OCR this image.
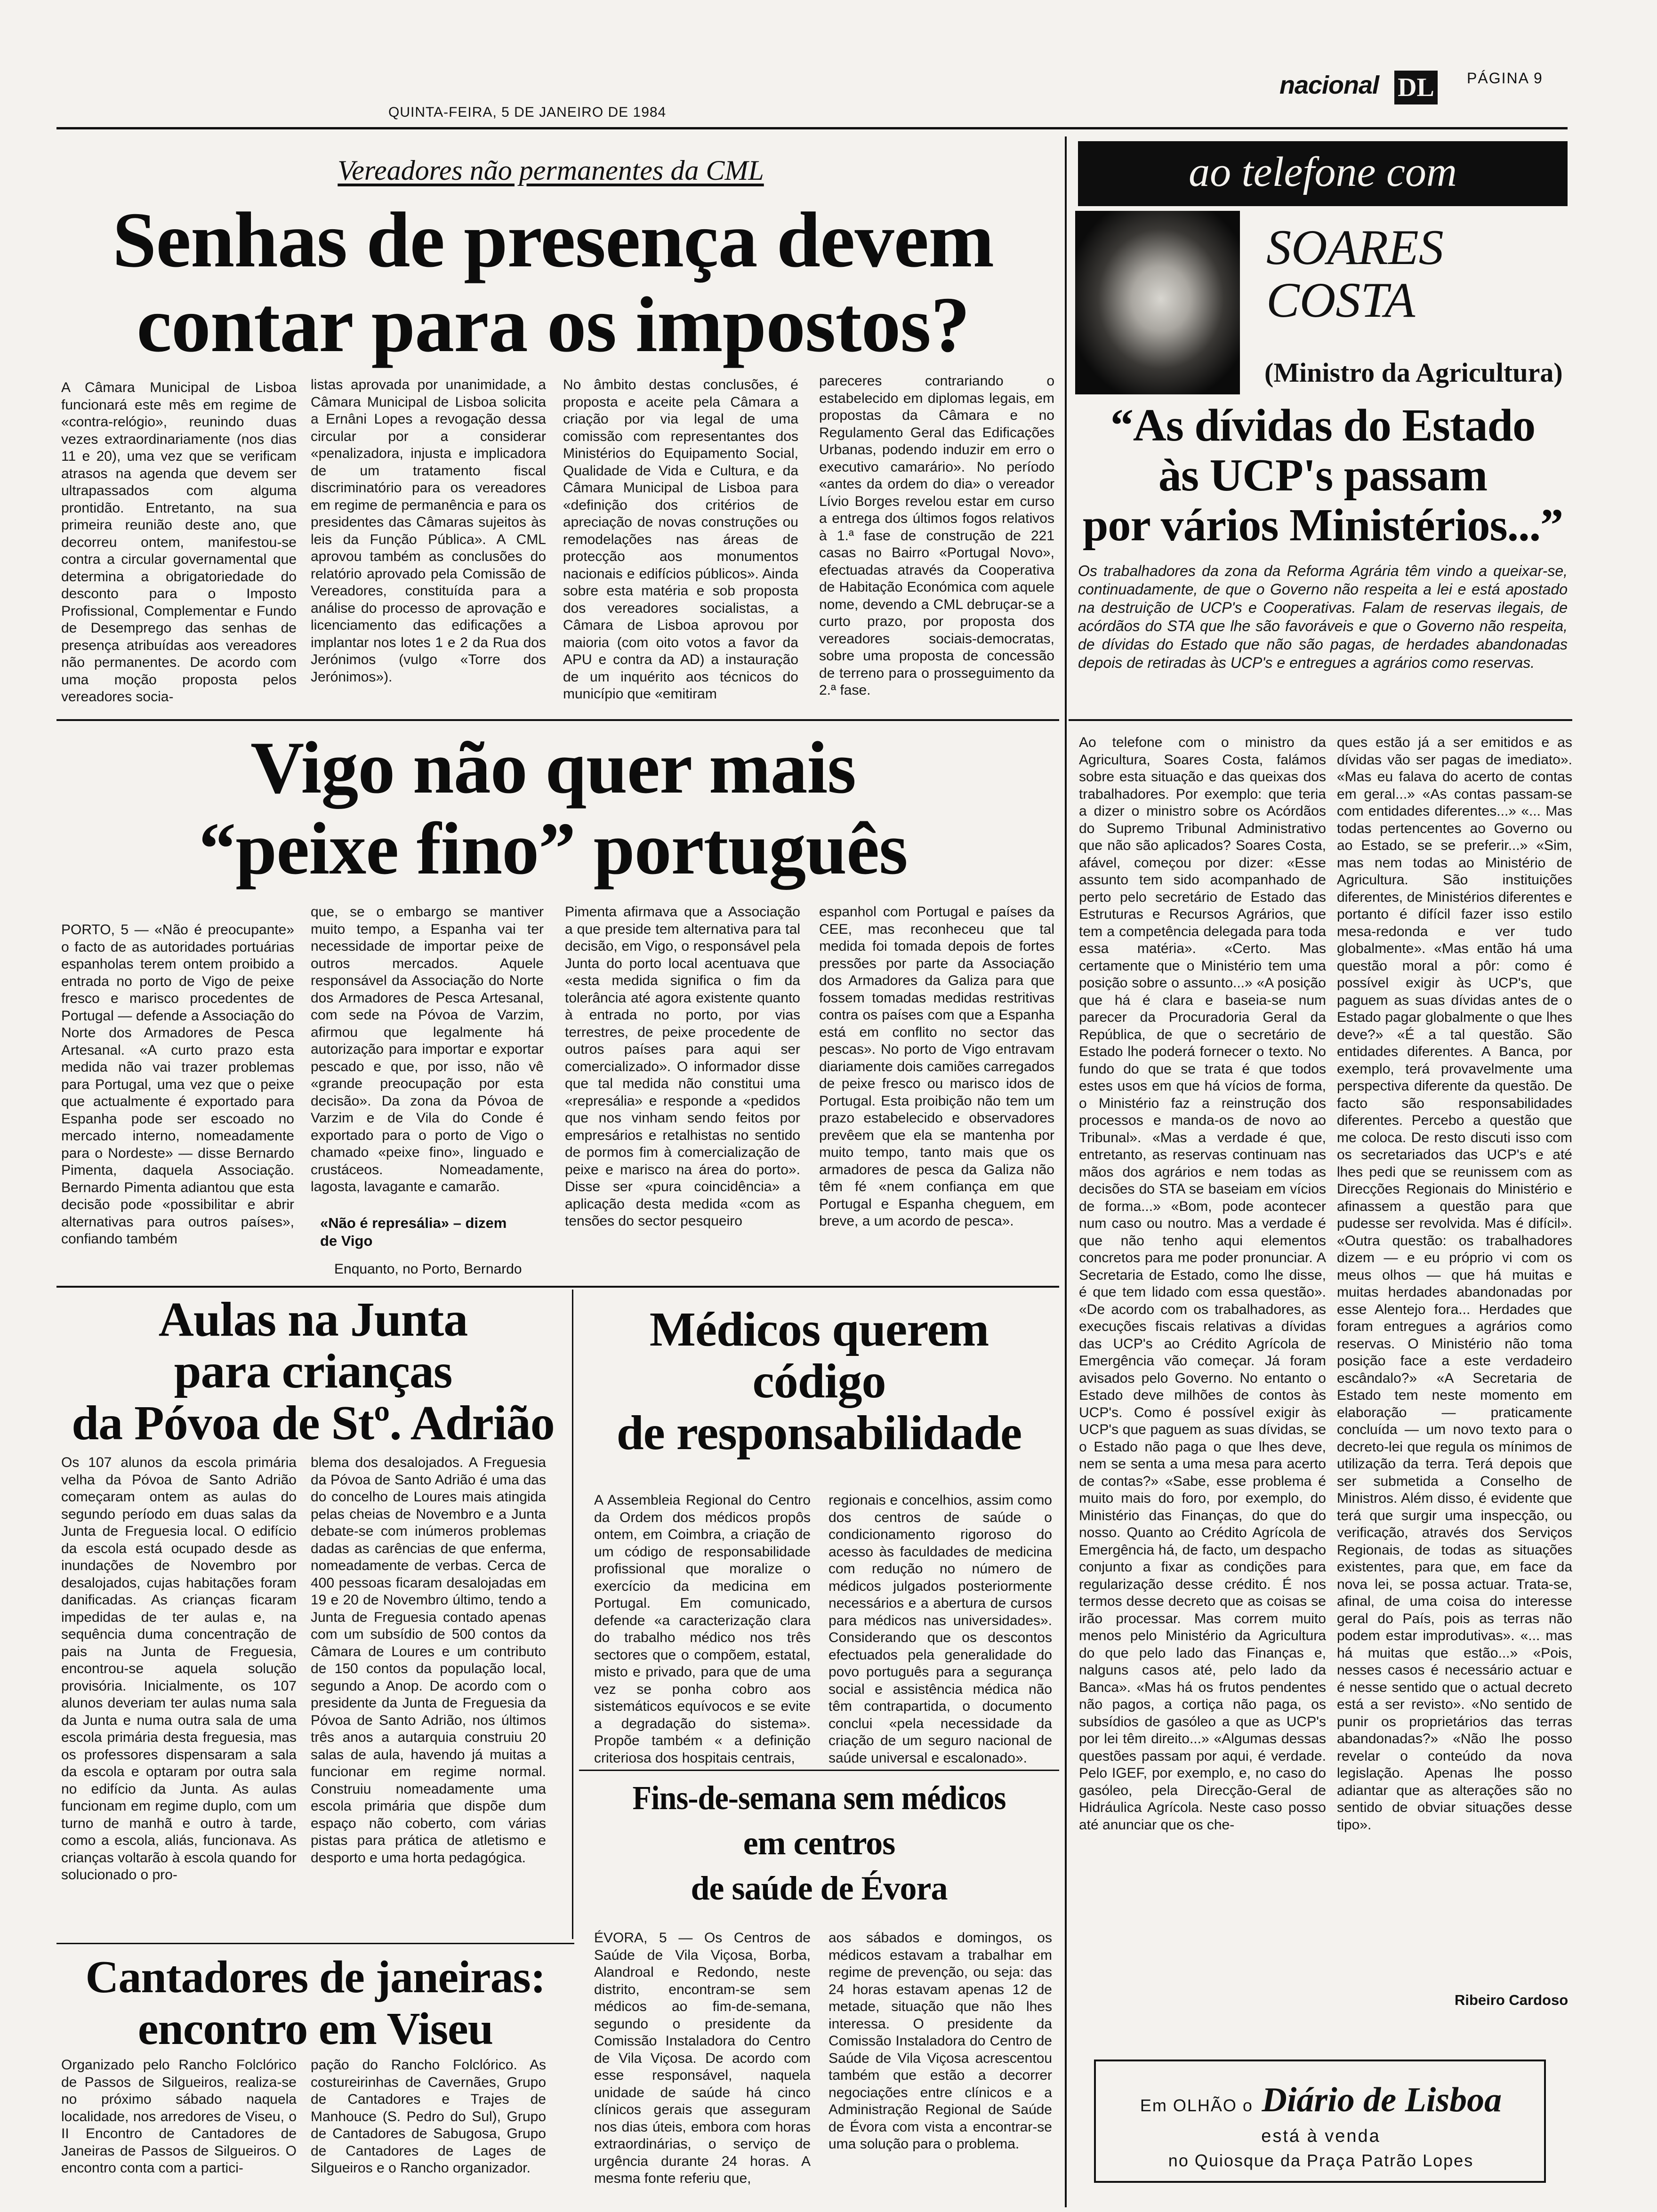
QUINTA-FEIRA, 5 DE JANEIRO DE 1984
nacional DL PÁGINA 9
Vereadores não permanentes da CML
Senhas de presença devem
contar para os impostos?

A Câmara Municipal de Lisboa funcionará este mês em regime de «contra-relógio», reunindo duas vezes extraordinariamente (nos dias 11 e 20), uma vez que se verificam atrasos na agenda que devem ser ultrapassados com alguma prontidão. Entretanto, na sua primeira reunião deste ano, que decorreu ontem, manifestou-se contra a circular governamental que determina a obrigatoriedade do desconto para o Imposto Profissional, Complementar e Fundo de Desemprego das senhas de presença atribuídas aos vereadores não permanentes. De acordo com uma moção proposta pelos vereadores socia-

listas aprovada por unanimidade, a Câmara Municipal de Lisboa solicita a Ernâni Lopes a revogação dessa circular por a considerar «penalizadora, injusta e implicadora de um tratamento fiscal discriminatório para os vereadores em regime de permanência e para os presidentes das Câmaras sujeitos às leis da Função Pública». A CML aprovou também as conclusões do relatório aprovado pela Comissão de Vereadores, constituída para a análise do processo de aprovação e licenciamento das edificações a implantar nos lotes 1 e 2 da Rua dos Jerónimos (vulgo «Torre dos Jerónimos»).

No âmbito destas conclusões, é proposta e aceite pela Câmara a criação por via legal de uma comissão com representantes dos Ministérios do Equipamento Social, Qualidade de Vida e Cultura, e da Câmara Municipal de Lisboa para «definição dos critérios de apreciação de novas construções ou remodelações nas áreas de protecção aos monumentos nacionais e edifícios públicos». Ainda sobre esta matéria e sob proposta dos vereadores socialistas, a Câmara de Lisboa aprovou por maioria (com oito votos a favor da APU e contra da AD) a instauração de um inquérito aos técnicos do município que «emitiram

pareceres contrariando o estabelecido em diplomas legais, em propostas da Câmara e no Regulamento Geral das Edificações Urbanas, podendo induzir em erro o executivo camarário». No período «antes da ordem do dia» o vereador Lívio Borges revelou estar em curso a entrega dos últimos fogos relativos à 1.ª fase de construção de 221 casas no Bairro «Portugal Novo», efectuadas através da Cooperativa de Habitação Económica com aquele nome, devendo a CML debruçar-se a curto prazo, por proposta dos vereadores sociais-democratas, sobre uma proposta de concessão de terreno para o prosseguimento da 2.ª fase.

Vigo não quer mais
“peixe fino” português

PORTO, 5 — «Não é preocupante» o facto de as autoridades portuárias espanholas terem ontem proibido a entrada no porto de Vigo de peixe fresco e marisco procedentes de Portugal — defende a Associação do Norte dos Armadores de Pesca Artesanal. «A curto prazo esta medida não vai trazer problemas para Portugal, uma vez que o peixe que actualmente é exportado para Espanha pode ser escoado no mercado interno, nomeadamente para o Nordeste» — disse Bernardo Pimenta, daquela Associação. Bernardo Pimenta adiantou que esta decisão pode «possibilitar e abrir alternativas para outros países», confiando também

que, se o embargo se mantiver muito tempo, a Espanha vai ter necessidade de importar peixe de outros mercados. Aquele responsável da Associação do Norte dos Armadores de Pesca Artesanal, com sede na Póvoa de Varzim, afirmou que legalmente há autorização para importar e exportar pescado e que, por isso, não vê «grande preocupação por esta decisão». Da zona da Póvoa de Varzim e de Vila do Conde é exportado para o porto de Vigo o chamado «peixe fino», linguado e crustáceos. Nomeadamente, lagosta, lavagante e camarão.

«Não é represália» – dizem de Vigo
Enquanto, no Porto, Bernardo

Pimenta afirmava que a Associação a que preside tem alternativa para tal decisão, em Vigo, o responsável pela Junta do porto local acentuava que «esta medida significa o fim da tolerância até agora existente quanto à entrada no porto, por vias terrestres, de peixe procedente de outros países para aqui ser comercializado». O informador disse que tal medida não constitui uma «represália» e responde a «pedidos que nos vinham sendo feitos por empresários e retalhistas no sentido de pormos fim à comercialização de peixe e marisco na área do porto». Disse ser «pura coincidência» a aplicação desta medida «com as tensões do sector pesqueiro

espanhol com Portugal e países da CEE, mas reconheceu que tal medida foi tomada depois de fortes pressões por parte da Associação dos Armadores da Galiza para que fossem tomadas medidas restritivas contra os países com que a Espanha está em conflito no sector das pescas». No porto de Vigo entravam diariamente dois camiões carregados de peixe fresco ou marisco idos de Portugal. Esta proibição não tem um prazo estabelecido e observadores prevêem que ela se mantenha por muito tempo, tanto mais que os armadores de pesca da Galiza não têm fé «nem confiança em que Portugal e Espanha cheguem, em breve, a um acordo de pesca».

Aulas na Junta
para crianças
da Póvoa de Stº. Adrião

Os 107 alunos da escola primária velha da Póvoa de Santo Adrião começaram ontem as aulas do segundo período em duas salas da Junta de Freguesia local. O edifício da escola está ocupado desde as inundações de Novembro por desalojados, cujas habitações foram danificadas. As crianças ficaram impedidas de ter aulas e, na sequência duma concentração de pais na Junta de Freguesia, encontrou-se aquela solução provisória. Inicialmente, os 107 alunos deveriam ter aulas numa sala da Junta e numa outra sala de uma escola primária desta freguesia, mas os professores dispensaram a sala da escola e optaram por outra sala no edifício da Junta. As aulas funcionam em regime duplo, com um turno de manhã e outro à tarde, como a escola, aliás, funcionava. As crianças voltarão à escola quando for solucionado o pro-

blema dos desalojados. A Freguesia da Póvoa de Santo Adrião é uma das do concelho de Loures mais atingida pelas cheias de Novembro e a Junta debate-se com inúmeros problemas dadas as carências de que enferma, nomeadamente de verbas. Cerca de 400 pessoas ficaram desalojadas em 19 e 20 de Novembro último, tendo a Junta de Freguesia contado apenas com um subsídio de 500 contos da Câmara de Loures e um contributo de 150 contos da população local, segundo a Anop. De acordo com o presidente da Junta de Freguesia da Póvoa de Santo Adrião, nos últimos três anos a autarquia construiu 20 salas de aula, havendo já muitas a funcionar em regime normal. Construiu nomeadamente uma escola primária que dispõe dum espaço não coberto, com várias pistas para prática de atletismo e desporto e uma horta pedagógica.

Médicos querem
código
de responsabilidade

A Assembleia Regional do Centro da Ordem dos médicos propôs ontem, em Coimbra, a criação de um código de responsabilidade profissional que moralize o exercício da medicina em Portugal. Em comunicado, defende «a caracterização clara do trabalho médico nos três sectores que o compõem, estatal, misto e privado, para que de uma vez se ponha cobro aos sistemáticos equívocos e se evite a degradação do sistema». Propõe também « a definição criteriosa dos hospitais centrais,

regionais e concelhios, assim como dos centros de saúde o condicionamento rigoroso do acesso às faculdades de medicina com redução no número de médicos julgados posteriormente necessários e a abertura de cursos para médicos nas universidades». Considerando que os descontos efectuados pela generalidade do povo português para a segurança social e assistência médica não têm contrapartida, o documento conclui «pela necessidade da criação de um seguro nacional de saúde universal e escalonado».

Fins-de-semana sem médicos
em centros
de saúde de Évora

ÉVORA, 5 — Os Centros de Saúde de Vila Viçosa, Borba, Alandroal e Redondo, neste distrito, encontram-se sem médicos ao fim-de-semana, segundo o presidente da Comissão Instaladora do Centro de Vila Viçosa. De acordo com esse responsável, naquela unidade de saúde há cinco clínicos gerais que asseguram nos dias úteis, embora com horas extraordinárias, o serviço de urgência durante 24 horas. A mesma fonte referiu que,

aos sábados e domingos, os médicos estavam a trabalhar em regime de prevenção, ou seja: das 24 horas estavam apenas 12 de metade, situação que não lhes interessa. O presidente da Comissão Instaladora do Centro de Saúde de Vila Viçosa acrescentou também que estão a decorrer negociações entre clínicos e a Administração Regional de Saúde de Évora com vista a encontrar-se uma solução para o problema.

Cantadores de janeiras:
encontro em Viseu

Organizado pelo Rancho Folclórico de Passos de Silgueiros, realiza-se no próximo sábado naquela localidade, nos arredores de Viseu, o II Encontro de Cantadores de Janeiras de Passos de Silgueiros. O encontro conta com a partici-

pação do Rancho Folclórico. As costureirinhas de Cavernães, Grupo de Cantadores e Trajes de Manhouce (S. Pedro do Sul), Grupo de Cantadores de Sabugosa, Grupo de Cantadores de Lages de Silgueiros e o Rancho organizador.

ao telefone com
SOARES
COSTA
(Ministro da Agricultura)
“As dívidas do Estado
às UCP's passam
por vários Ministérios...”

Os trabalhadores da zona da Reforma Agrária têm vindo a queixar-se, continuadamente, de que o Governo não respeita a lei e está apostado na destruição de UCP's e Cooperativas. Falam de reservas ilegais, de acórdãos do STA que lhe são favoráveis e que o Governo não respeita, de dívidas do Estado que não são pagas, de herdades abandonadas depois de retiradas às UCP's e entregues a agrários como reservas.

Ao telefone com o ministro da Agricultura, Soares Costa, falámos sobre esta situação e das queixas dos trabalhadores. Por exemplo: que teria a dizer o ministro sobre os Acórdãos do Supremo Tribunal Administrativo que não são aplicados? Soares Costa, afável, começou por dizer: «Esse assunto tem sido acompanhado de perto pelo secretário de Estado das Estruturas e Recursos Agrários, que tem a competência delegada para toda essa matéria». «Certo. Mas certamente que o Ministério tem uma posição sobre o assunto...» «A posição que há é clara e baseia-se num parecer da Procuradoria Geral da República, de que o secretário de Estado lhe poderá fornecer o texto. No fundo do que se trata é que todos estes usos em que há vícios de forma, o Ministério faz a reinstrução dos processos e manda-os de novo ao Tribunal». «Mas a verdade é que, entretanto, as reservas continuam nas mãos dos agrários e nem todas as decisões do STA se baseiam em vícios de forma...» «Bom, pode acontecer num caso ou noutro. Mas a verdade é que não tenho aqui elementos concretos para me poder pronunciar. A Secretaria de Estado, como lhe disse, é que tem lidado com essa questão». «De acordo com os trabalhadores, as execuções fiscais relativas a dívidas das UCP's ao Crédito Agrícola de Emergência vão começar. Já foram avisados pelo Governo. No entanto o Estado deve milhões de contos às UCP's. Como é possível exigir às UCP's que paguem as suas dívidas, se o Estado não paga o que lhes deve, nem se senta a uma mesa para acerto de contas?» «Sabe, esse problema é muito mais do foro, por exemplo, do Ministério das Finanças, do que do nosso. Quanto ao Crédito Agrícola de Emergência há, de facto, um despacho conjunto a fixar as condições para regularização desse crédito. É nos termos desse decreto que as coisas se irão processar. Mas correm muito menos pelo Ministério da Agricultura do que pelo lado das Finanças e, nalguns casos até, pelo lado da Banca». «Mas há os frutos pendentes não pagos, a cortiça não paga, os subsídios de gasóleo a que as UCP's por lei têm direito...» «Algumas dessas questões passam por aqui, é verdade. Pelo IGEF, por exemplo, e, no caso do gasóleo, pela Direcção-Geral de Hidráulica Agrícola. Neste caso posso até anunciar que os che-

ques estão já a ser emitidos e as dívidas vão ser pagas de imediato». «Mas eu falava do acerto de contas em geral...» «As contas passam-se com entidades diferentes...» «... Mas todas pertencentes ao Governo ou ao Estado, se se preferir...» «Sim, mas nem todas ao Ministério de Agricultura. São instituições diferentes, de Ministérios diferentes e portanto é difícil fazer isso estilo mesa-redonda e ver tudo globalmente». «Mas então há uma questão moral a pôr: como é possível exigir às UCP's, que paguem as suas dívidas antes de o Estado pagar globalmente o que lhes deve?» «É a tal questão. São entidades diferentes. A Banca, por exemplo, terá provavelmente uma perspectiva diferente da questão. De facto são responsabilidades diferentes. Percebo a questão que me coloca. De resto discuti isso com os secretariados das UCP's e até lhes pedi que se reunissem com as Direcções Regionais do Ministério e afinassem a questão para que pudesse ser revolvida. Mas é difícil». «Outra questão: os trabalhadores dizem — e eu próprio vi com os meus olhos — que há muitas e muitas herdades abandonadas por esse Alentejo fora... Herdades que foram entregues a agrários como reservas. O Ministério não toma posição face a este verdadeiro escândalo?» «A Secretaria de Estado tem neste momento em elaboração — praticamente concluída — um novo texto para o decreto-lei que regula os mínimos de utilização da terra. Terá depois que ser submetida a Conselho de Ministros. Além disso, é evidente que terá que surgir uma inspecção, ou verificação, através dos Serviços Regionais, de todas as situações existentes, para que, em face da nova lei, se possa actuar. Trata-se, afinal, de uma coisa do interesse geral do País, pois as terras não podem estar improdutivas». «... mas há muitas que estão...» «Pois, nesses casos é necessário actuar e é nesse sentido que o actual decreto está a ser revisto». «No sentido de punir os proprietários das terras abandonadas?» «Não lhe posso revelar o conteúdo da nova legislação. Apenas lhe posso adiantar que as alterações são no sentido de obviar situações desse tipo».

Ribeiro Cardoso
Em OLHÃO o Diário de Lisboa
está à venda
no Quiosque da Praça Patrão Lopes
